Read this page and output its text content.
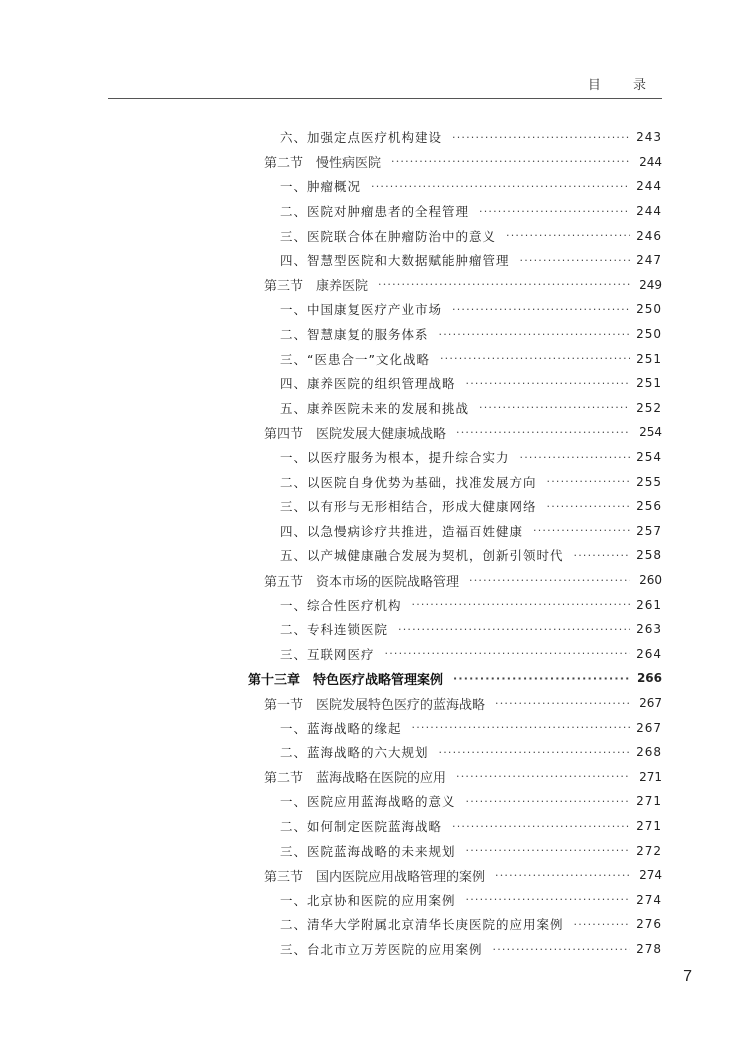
目 录
六、加强定点医疗机构建设 ·····	243
第二节　慢性病医院 ·····	244
一、肿瘤概况 ·····	244
二、医院对肿瘤患者的全程管理 ·····	244
三、医院联合体在肿瘤防治中的意义 ·····	246
四、智慧型医院和大数据赋能肿瘤管理 ·····	247
第三节　康养医院 ·····	249
一、中国康复医疗产业市场 ·····	250
二、智慧康复的服务体系 ·····	250
三、“医患合一”文化战略 ·····	251
四、康养医院的组织管理战略 ·····	251
五、康养医院未来的发展和挑战 ·····	252
第四节　医院发展大健康城战略 ·····	254
一、以医疗服务为根本，提升综合实力 ·····	254
二、以医院自身优势为基础，找准发展方向 ·····	255
三、以有形与无形相结合，形成大健康网络 ·····	256
四、以急慢病诊疗共推进，造福百姓健康 ·····	257
五、以产城健康融合发展为契机，创新引领时代 ·····	258
第五节　资本市场的医院战略管理 ·····	260
一、综合性医疗机构 ·····	261
二、专科连锁医院 ·····	263
三、互联网医疗 ·····	264
第十三章　特色医疗战略管理案例 ·····	266
第一节　医院发展特色医疗的蓝海战略 ·····	267
一、蓝海战略的缘起 ·····	267
二、蓝海战略的六大规划 ·····	268
第二节　蓝海战略在医院的应用 ·····	271
一、医院应用蓝海战略的意义 ·····	271
二、如何制定医院蓝海战略 ·····	271
三、医院蓝海战略的未来规划 ·····	272
第三节　国内医院应用战略管理的案例 ·····	274
一、北京协和医院的应用案例 ·····	274
二、清华大学附属北京清华长庚医院的应用案例 ·····	276
三、台北市立万芳医院的应用案例 ·····	278
7
